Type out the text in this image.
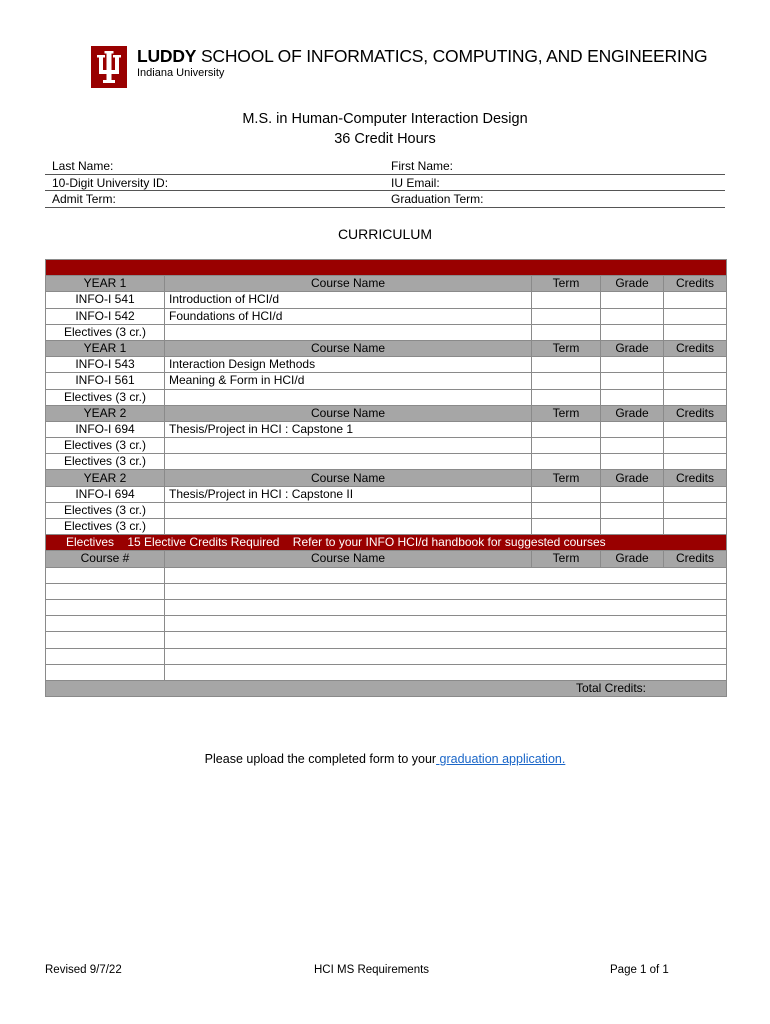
LUDDY SCHOOL OF INFORMATICS, COMPUTING, AND ENGINEERING
Indiana University
M.S. in Human-Computer Interaction Design
36 Credit Hours
Last Name:	First Name:
10-Digit University ID:	IU Email:
Admit Term:	Graduation Term:
CURRICULUM

YEAR 1	Course Name	Term	Grade	Credits
INFO-I 541	Introduction of HCI/d			
INFO-I 542	Foundations of HCI/d			
Electives (3 cr.)				
YEAR 1	Course Name	Term	Grade	Credits
INFO-I 543	Interaction Design Methods			
INFO-I 561	Meaning & Form in HCI/d			
Electives (3 cr.)				
YEAR 2	Course Name	Term	Grade	Credits
INFO-I 694	Thesis/Project in HCI : Capstone 1			
Electives (3 cr.)				
Electives (3 cr.)				
YEAR 2	Course Name	Term	Grade	Credits
INFO-I 694	Thesis/Project in HCI : Capstone II			
Electives (3 cr.)				
Electives (3 cr.)				
Electives 15 Elective Credits Required Refer to your INFO HCI/d handbook for suggested courses				
Course #	Course Name	Term	Grade	Credits

Total Credits:				
Please upload the completed form to your graduation application.
Revised 9/7/22	HCI MS Requirements	Page 1 of 1
